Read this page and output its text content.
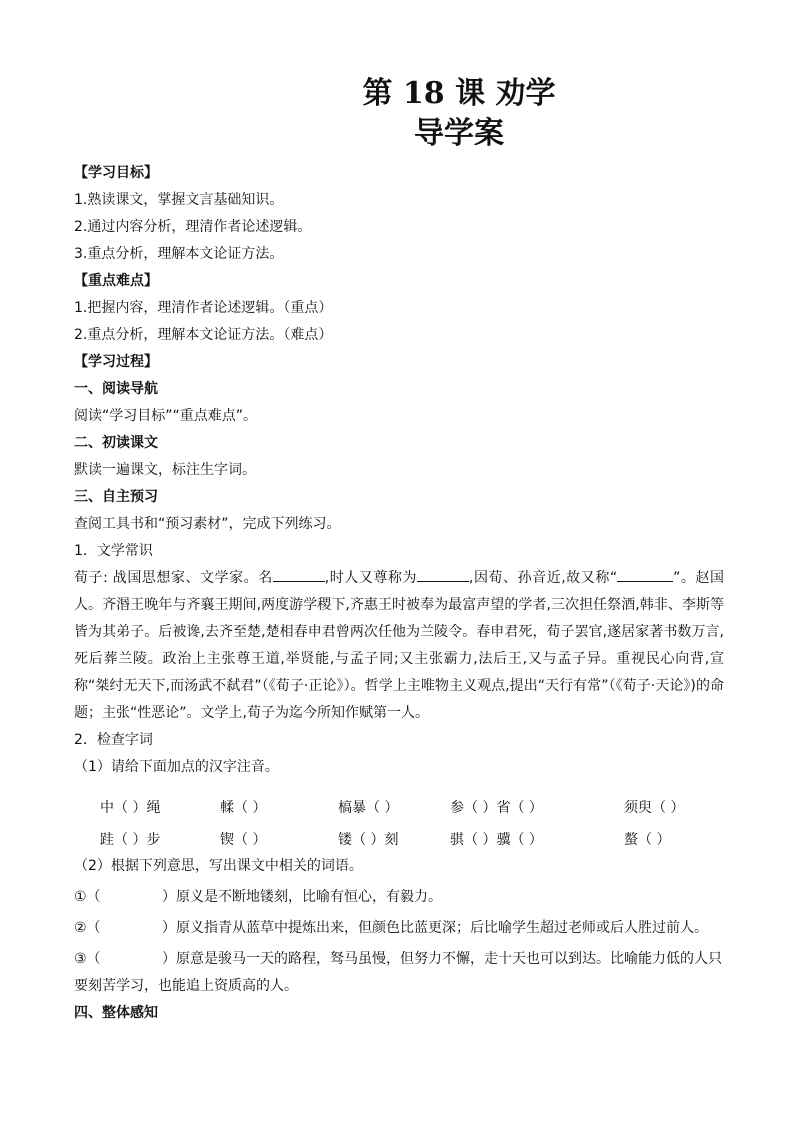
第 18 课 劝学
导学案
【学习目标】
1.熟读课文，掌握文言基础知识。
2.通过内容分析，理清作者论述逻辑。
3.重点分析，理解本文论证方法。
【重点难点】
1.把握内容，理清作者论述逻辑。（重点）
2.重点分析，理解本文论证方法。（难点）
【学习过程】
一、阅读导航
阅读“学习目标”“重点难点”。
二、初读课文
默读一遍课文，标注生字词。
三、自主预习
查阅工具书和“预习素材”，完成下列练习。
1．文学常识
荀子: 战国思想家、文学家。名	,时人又尊称为	,因荀、孙音近,故又称“	”。赵国人。齐湣王晚年与齐襄王期间,两度游学稷下,齐惠王时被奉为最富声望的学者,三次担任祭酒,韩非、李斯等皆为其弟子。后被谗,去齐至楚,楚相春申君曾两次任他为兰陵令。春申君死，荀子罢官,遂居家著书数万言,死后葬兰陵。政治上主张尊王道,举贤能,与孟子同;又主张霸力,法后王,又与孟子异。重视民心向背,宣称“桀纣无天下,而汤武不弑君”（《荀子·正论》）。哲学上主唯物主义观点,提出“天行有常”（《荀子·天论》)的命题；主张“性恶论”。文学上,荀子为迄今所知作赋第一人。
2．检查字词
（1）请给下面加点的汉字注音。
中（ ）绳	輮（ ）	槁暴（ ）	参（ ）省（ ）	须臾（ ）
跬（ ）步	锲（ ）	镂（ ）刻	骐（ ）骥（ ）	螯（ ）
（2）根据下列意思，写出课文中相关的词语。
①（	）原义是不断地镂刻，比喻有恒心，有毅力。
②（	）原义指青从蓝草中提炼出来，但颜色比蓝更深；后比喻学生超过老师或后人胜过前人。
③（	）原意是骏马一天的路程，驽马虽慢，但努力不懈，走十天也可以到达。比喻能力低的人只要刻苦学习，也能追上资质高的人。
四、整体感知
